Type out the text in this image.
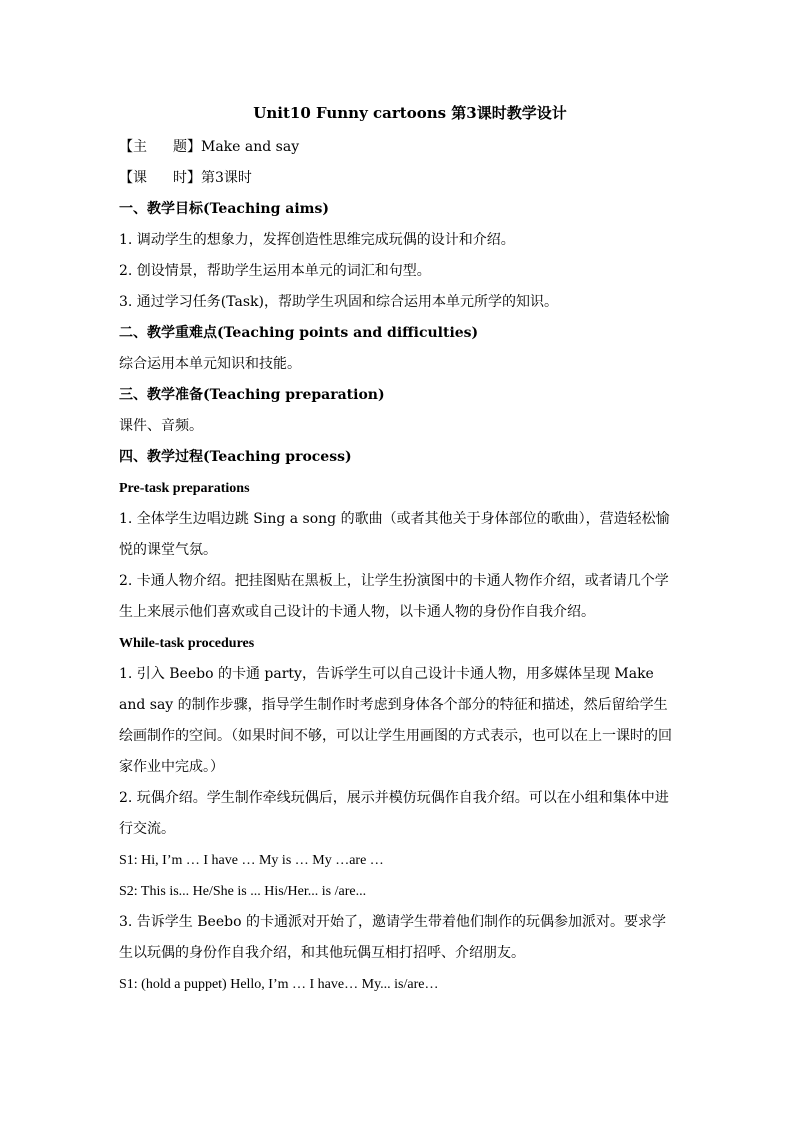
Unit10 Funny cartoons 第3课时教学设计
【主 题】Make and say
【课 时】第3课时
一、教学目标(Teaching aims)
1. 调动学生的想象力，发挥创造性思维完成玩偶的设计和介绍。
2. 创设情景，帮助学生运用本单元的词汇和句型。
3. 通过学习任务(Task)，帮助学生巩固和综合运用本单元所学的知识。
二、教学重难点(Teaching points and difficulties)
综合运用本单元知识和技能。
三、教学准备(Teaching preparation)
课件、音频。
四、教学过程(Teaching process)
Pre-task preparations
1. 全体学生边唱边跳 Sing a song 的歌曲（或者其他关于身体部位的歌曲），营造轻松愉悦的课堂气氛。
2. 卡通人物介绍。把挂图贴在黑板上，让学生扮演图中的卡通人物作介绍，或者请几个学生上来展示他们喜欢或自己设计的卡通人物，以卡通人物的身份作自我介绍。
While-task procedures
1. 引入 Beebo 的卡通 party，告诉学生可以自己设计卡通人物，用多媒体呈现 Make and say 的制作步骤，指导学生制作时考虑到身体各个部分的特征和描述，然后留给学生绘画制作的空间。（如果时间不够，可以让学生用画图的方式表示，也可以在上一课时的回家作业中完成。）
2. 玩偶介绍。学生制作牵线玩偶后，展示并模仿玩偶作自我介绍。可以在小组和集体中进行交流。
S1: Hi, I’m … I have … My is … My …are …
S2: This is... He/She is ... His/Her... is /are...
3. 告诉学生 Beebo 的卡通派对开始了，邀请学生带着他们制作的玩偶参加派对。要求学生以玩偶的身份作自我介绍，和其他玩偶互相打招呼、介绍朋友。
S1: (hold a puppet) Hello, I’m … I have… My... is/are…
